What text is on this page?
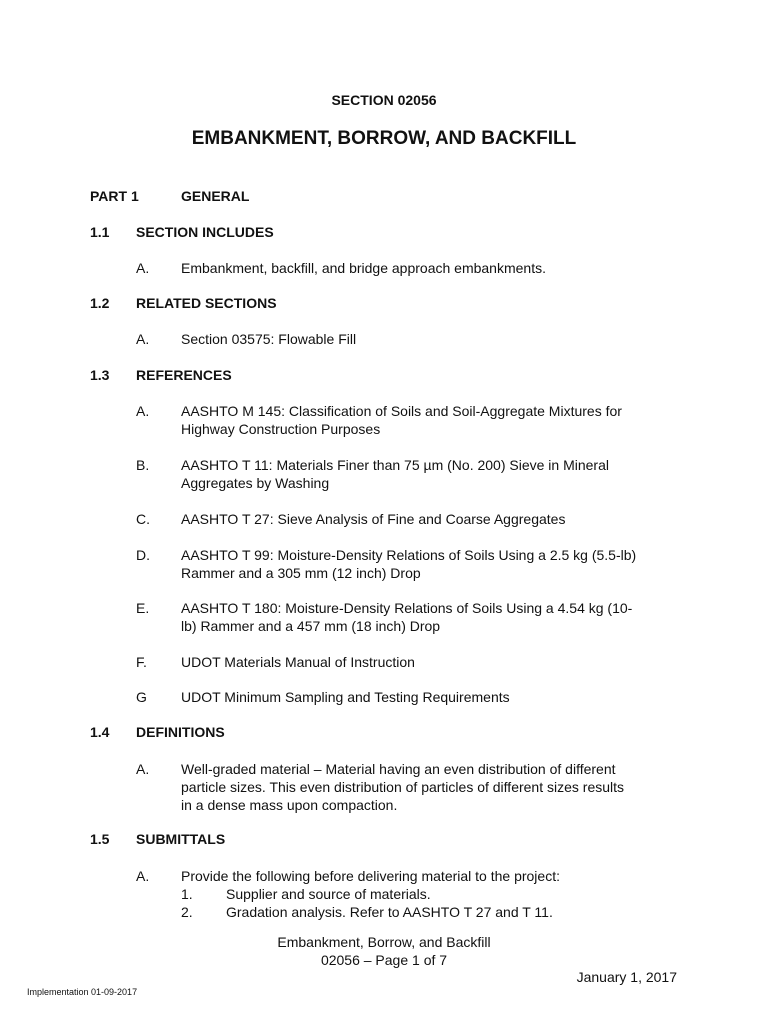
SECTION 02056
EMBANKMENT, BORROW, AND BACKFILL
PART 1	GENERAL
1.1 SECTION INCLUDES
A. Embankment, backfill, and bridge approach embankments.
1.2 RELATED SECTIONS
A. Section 03575: Flowable Fill
1.3 REFERENCES
A. AASHTO M 145: Classification of Soils and Soil-Aggregate Mixtures for
Highway Construction Purposes
B. AASHTO T 11: Materials Finer than 75 µm (No. 200) Sieve in Mineral
Aggregates by Washing
C. AASHTO T 27: Sieve Analysis of Fine and Coarse Aggregates
D. AASHTO T 99: Moisture-Density Relations of Soils Using a 2.5 kg (5.5-lb)
Rammer and a 305 mm (12 inch) Drop
E. AASHTO T 180: Moisture-Density Relations of Soils Using a 4.54 kg (10-
lb) Rammer and a 457 mm (18 inch) Drop
F. UDOT Materials Manual of Instruction
G UDOT Minimum Sampling and Testing Requirements
1.4 DEFINITIONS
A. Well-graded material – Material having an even distribution of different
particle sizes. This even distribution of particles of different sizes results
in a dense mass upon compaction.
1.5 SUBMITTALS
A. Provide the following before delivering material to the project:
1. Supplier and source of materials.
2. Gradation analysis. Refer to AASHTO T 27 and T 11.
Embankment, Borrow, and Backfill
02056 – Page 1 of 7
January 1, 2017
Implementation 01-09-2017
